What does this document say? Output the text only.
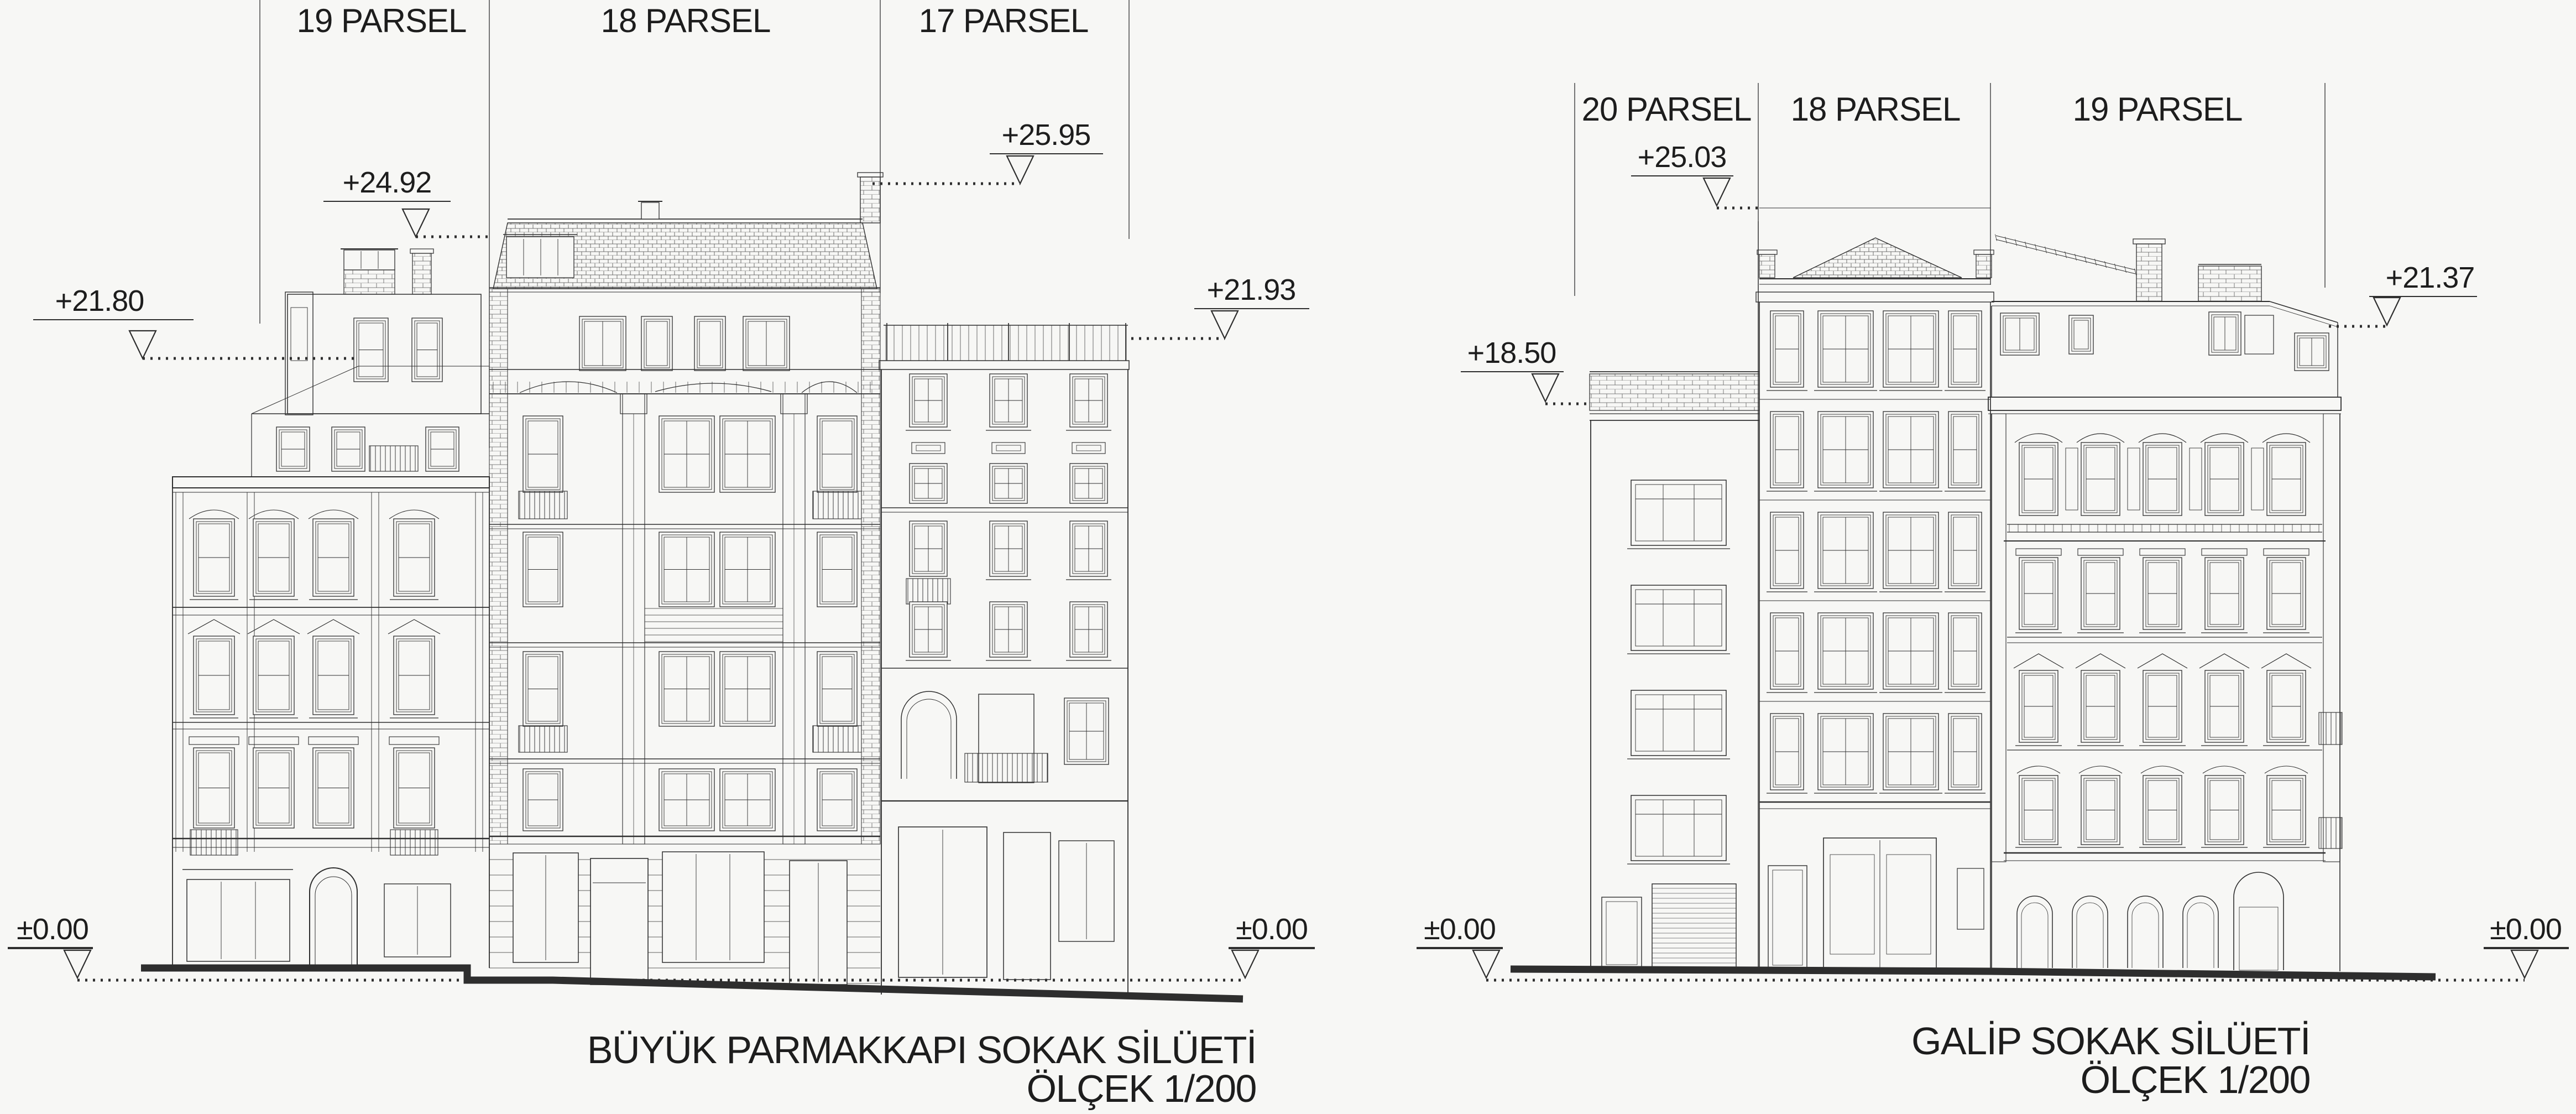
19 PARSEL	18 PARSEL	17 PARSEL
+21.80
+24.92
+25.95
+21.93
±0.00	±0.00
BÜYÜK PARMAKKAPI SOKAK SİLÜETİ
ÖLÇEK 1/200
20 PARSEL 18 PARSEL	19 PARSEL
+25.03
+18.50
+21.37
±0.00	±0.00
GALİP SOKAK SİLÜETİ
ÖLÇEK 1/200
